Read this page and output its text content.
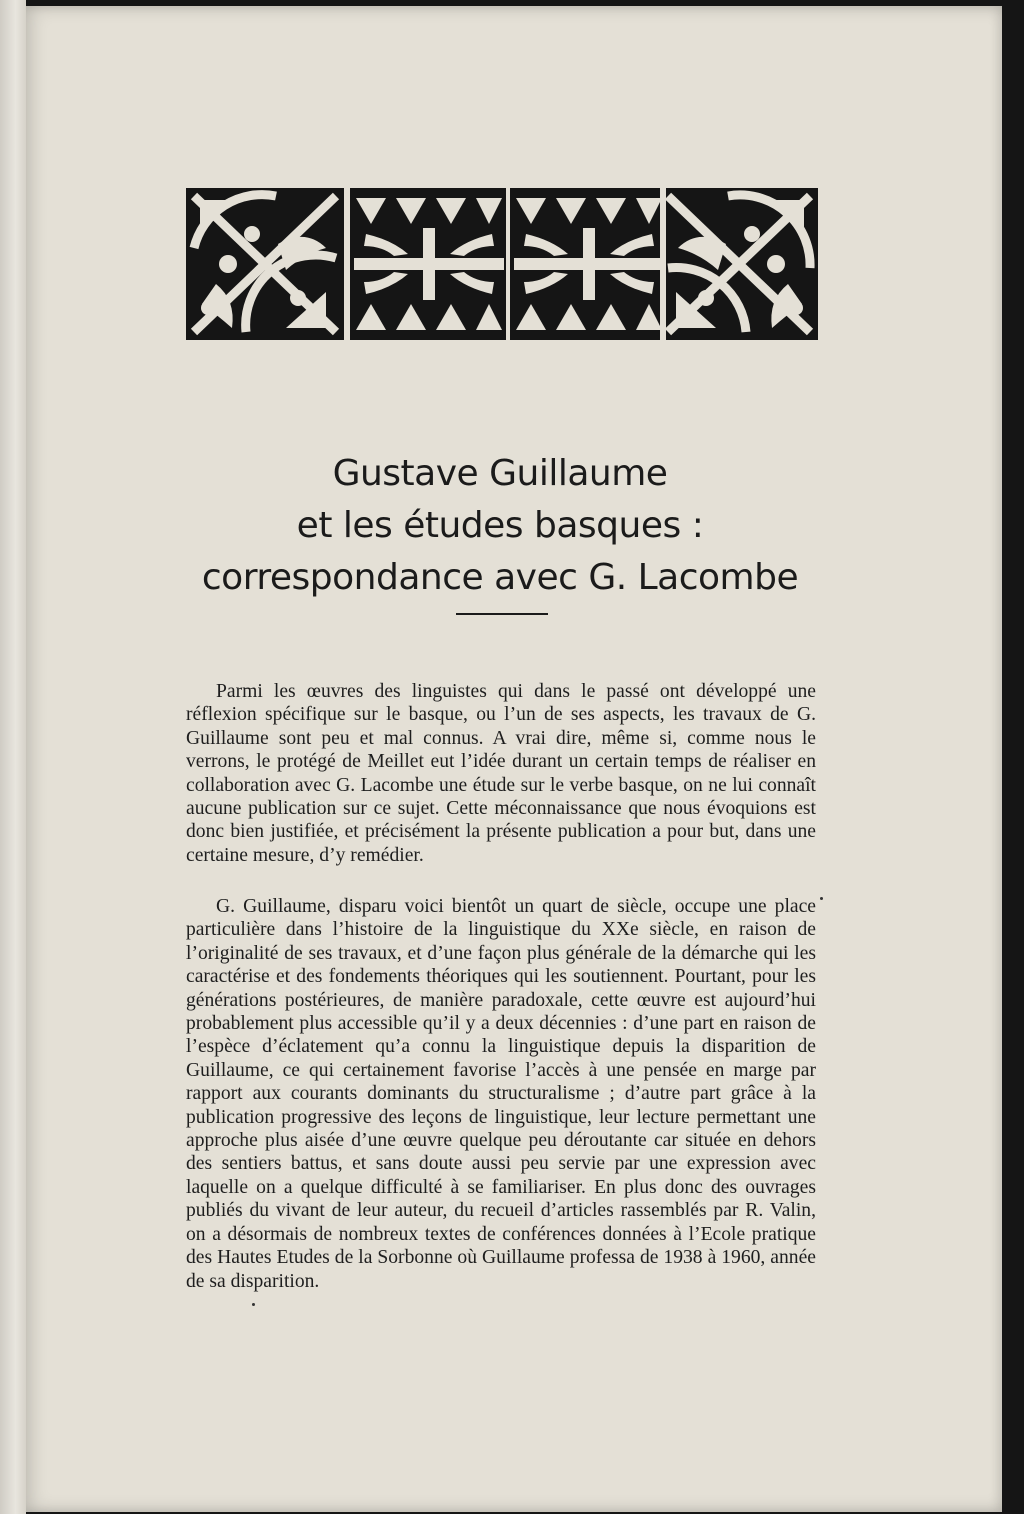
Gustave Guillaume
et les études basques :
correspondance avec G. Lacombe

Parmi les œuvres des linguistes qui dans le passé ont développé une réflexion spécifique sur le basque, ou l’un de ses aspects, les travaux de G. Guillaume sont peu et mal connus. A vrai dire, même si, comme nous le verrons, le protégé de Meillet eut l’idée durant un certain temps de réaliser en collaboration avec G. Lacombe une étude sur le verbe basque, on ne lui connaît aucune publication sur ce sujet. Cette méconnaissance que nous évoquions est donc bien justifiée, et précisément la présente publication a pour but, dans une certaine mesure, d’y remédier.

G. Guillaume, disparu voici bientôt un quart de siècle, occupe une place particulière dans l’histoire de la linguistique du XXe siècle, en raison de l’originalité de ses travaux, et d’une façon plus générale de la démarche qui les caractérise et des fondements théoriques qui les soutiennent. Pourtant, pour les générations postérieures, de manière paradoxale, cette œuvre est aujourd’hui probablement plus accessible qu’il y a deux décennies : d’une part en raison de l’espèce d’éclatement qu’a connu la linguistique depuis la disparition de Guillaume, ce qui certainement favorise l’accès à une pensée en marge par rapport aux courants dominants du structuralisme ; d’autre part grâce à la publication progressive des leçons de linguistique, leur lecture permettant une approche plus aisée d’une œuvre quelque peu déroutante car située en dehors des sentiers battus, et sans doute aussi peu servie par une expression avec laquelle on a quelque difficulté à se familiariser. En plus donc des ouvrages publiés du vivant de leur auteur, du recueil d’articles rassemblés par R. Valin, on a désormais de nombreux textes de conférences données à l’Ecole pratique des Hautes Etudes de la Sorbonne où Guillaume professa de 1938 à 1960, année de sa disparition.
